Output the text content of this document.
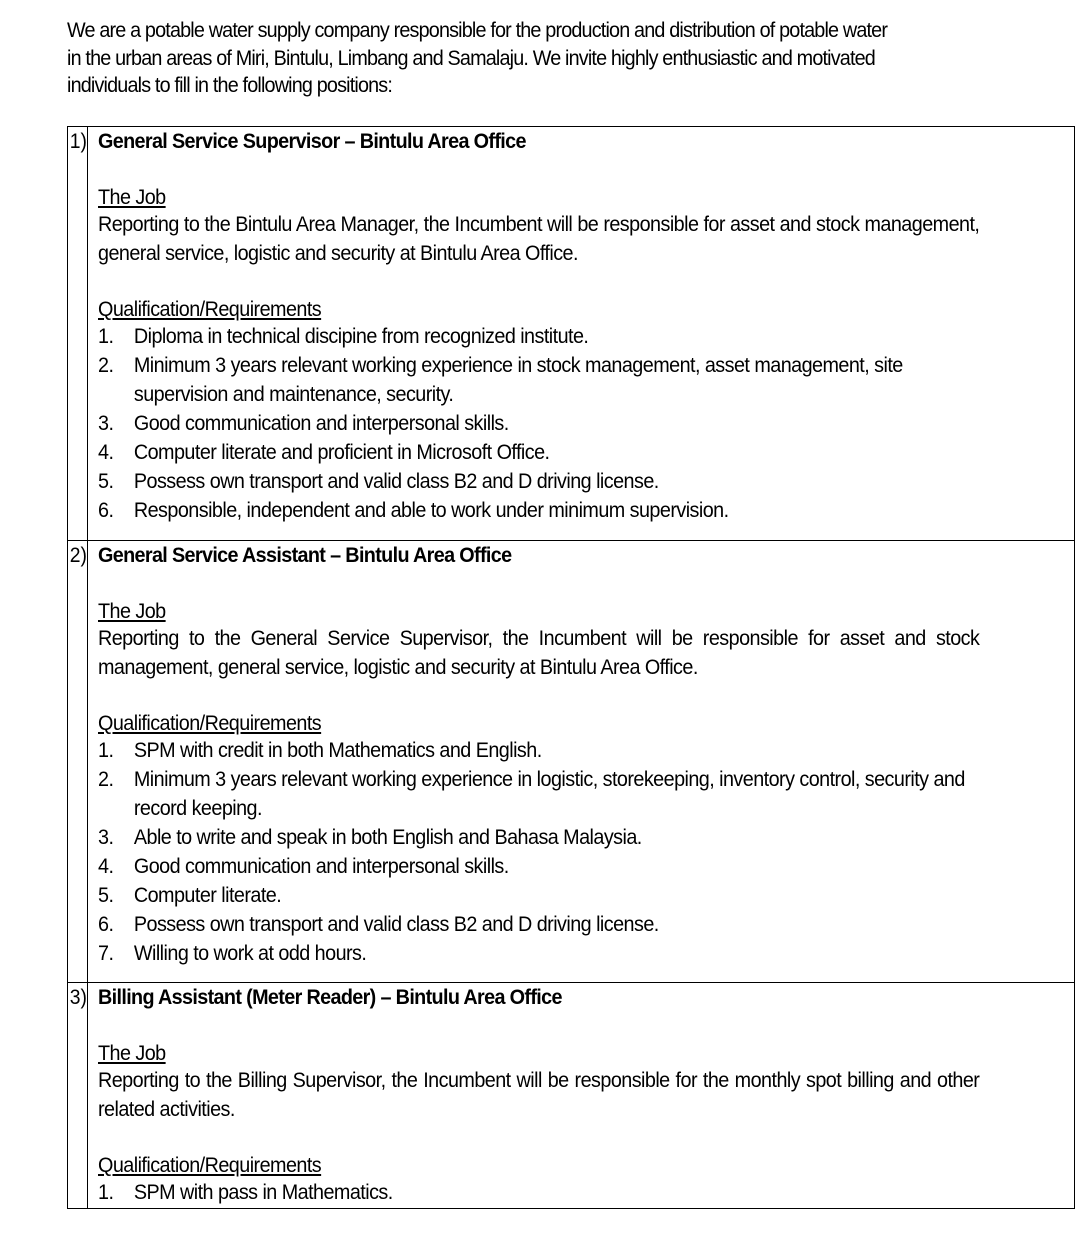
We are a potable water supply company responsible for the production and distribution of potable water
in the urban areas of Miri, Bintulu, Limbang and Samalaju. We invite highly enthusiastic and motivated
individuals to fill in the following positions:
1)	General Service Supervisor – Bintulu Area Office
The Job
Reporting to the Bintulu Area Manager, the Incumbent will be responsible for asset and stock management, general service, logistic and security at Bintulu Area Office.
Qualification/Requirements
1. Diploma in technical discipine from recognized institute.
2. Minimum 3 years relevant working experience in stock management, asset management, site supervision and maintenance, security.
3. Good communication and interpersonal skills.
4. Computer literate and proficient in Microsoft Office.
5. Possess own transport and valid class B2 and D driving license.
6. Responsible, independent and able to work under minimum supervision.

2)	General Service Assistant – Bintulu Area Office
The Job
Reporting to the General Service Supervisor, the Incumbent will be responsible for asset and stock management, general service, logistic and security at Bintulu Area Office.
Qualification/Requirements
1. SPM with credit in both Mathematics and English.
2. Minimum 3 years relevant working experience in logistic, storekeeping, inventory control, security and record keeping.
3. Able to write and speak in both English and Bahasa Malaysia.
4. Good communication and interpersonal skills.
5. Computer literate.
6. Possess own transport and valid class B2 and D driving license.
7. Willing to work at odd hours.

3)	Billing Assistant (Meter Reader) – Bintulu Area Office
The Job
Reporting to the Billing Supervisor, the Incumbent will be responsible for the monthly spot billing and other related activities.
Qualification/Requirements
1. SPM with pass in Mathematics.
